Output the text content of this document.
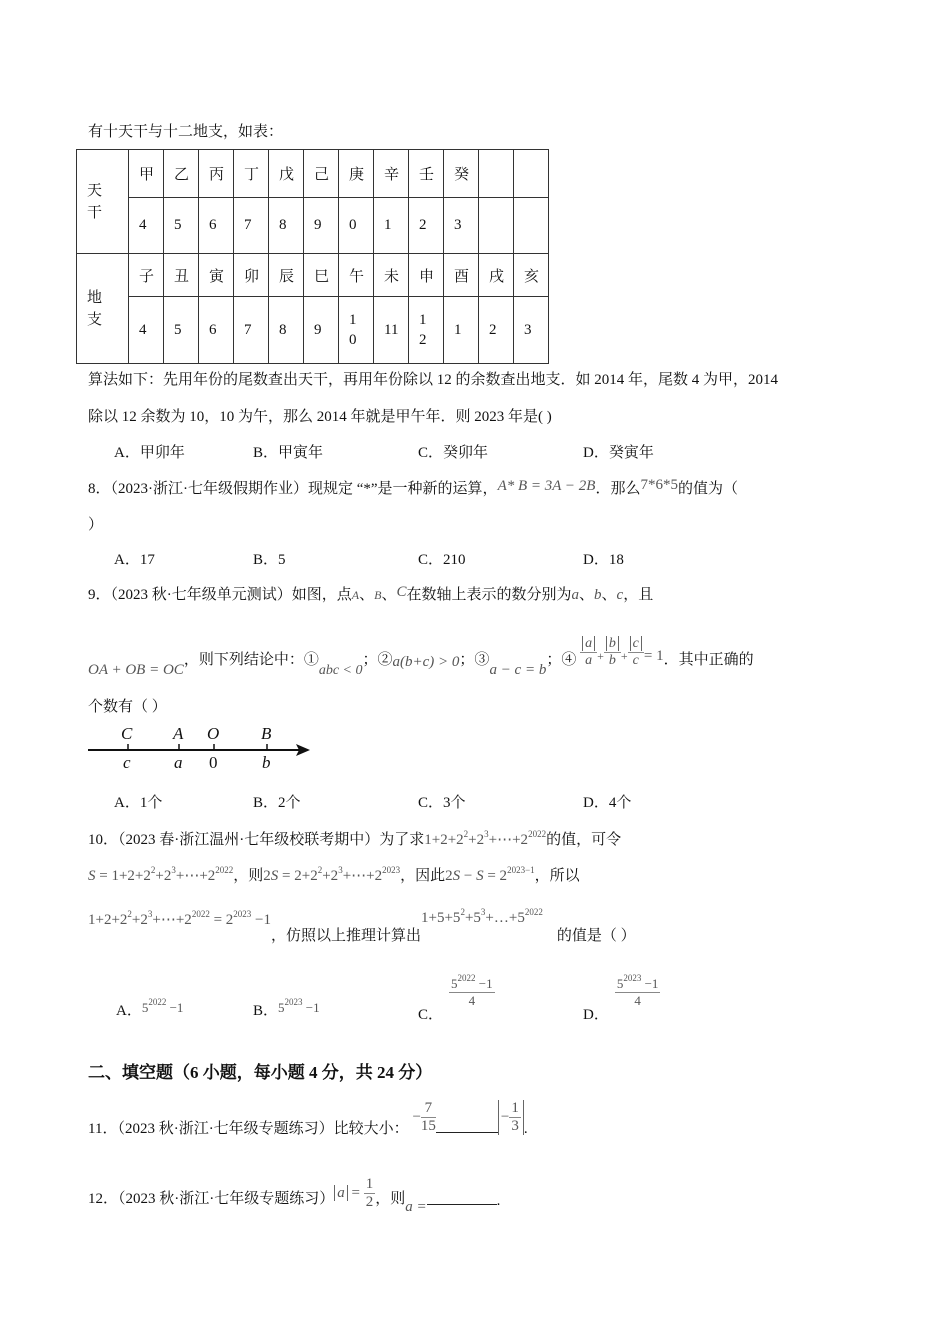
有十天干与十二地支，如表：
天
干	甲	乙	丙	丁	戊	己	庚	辛	壬	癸		
	4	5	6	7	8	9	0	1	2	3		
地
支	子	丑	寅	卯	辰	巳	午	未	申	酉	戌	亥
	4	5	6	7	8	9	10	11	12	1	2	3
算法如下：先用年份的尾数查出天干，再用年份除以 12 的余数查出地支．如 2014 年，尾数 4 为甲，2014
除以 12 余数为 10，10 为午，那么 2014 年就是甲午年．则 2023 年是( )
A．甲卯年	B．甲寅年	C．癸卯年	D．癸寅年
8．（2023·浙江·七年级假期作业）现规定 “*”是一种新的运算，A* B = 3A − 2B．那么7*6*5的值为（
）
A．17	B．5	C．210	D．18
9．（2023 秋·七年级单元测试）如图，点A、B、C在数轴上表示的数分别为a、b、c，且
OA + OB = OC，则下列结论中：①abc < 0；②a(b+c) > 0；③a − c = b；④ $\frac{a}{a} + \frac{b}{b} + \frac{c}{c} = 1$．其中正确的
个数有（ ）
C A O B
c	a 0	b
A．1个	B．2个	C．3个	D．4个
10．（2023 春·浙江温州·七年级校联考期中）为了求$1+2+2^2+2^3+\cdots+2^{2022}$的值，可令
$S = 1+2+2^2+2^3+\cdots+2^{2022}$，则$2S = 2+2^2+2^3+\cdots+2^{2023}$，因此$2S - S = 2^{2023-1}$，所以
$1+2+2^2+2^3+\cdots+2^{2022} = 2^{2023} -1$，仿照以上推理计算出$1+5+5^2+5^3+\dots+5^{2022}$的值是（ ）
A．$5^{2022} -1$	B．$5^{2023} -1$	C．
$\frac{5^{2022} -1}{4}$
D．
$\frac{5^{2023} -1}{4}$
二、填空题（6 小题，每小题 4 分，共 24 分）
11．（2023 秋·浙江·七年级专题练习）比较大小： − $\frac{7}{15}$	− $\frac{1}{3}$ .
12．（2023 秋·浙江·七年级专题练习） $a = \frac{1}{2}$ ，则a =	.
